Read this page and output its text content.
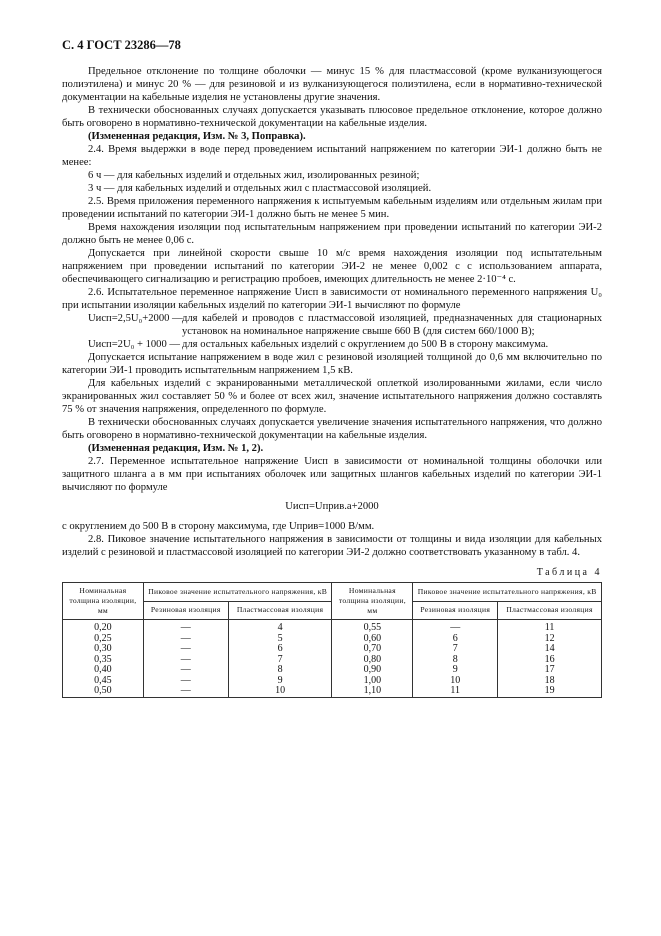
С. 4 ГОСТ 23286—78

Предельное отклонение по толщине оболочки — минус 15 % для пластмассовой (кроме вулканизующегося полиэтилена) и минус 20 % — для резиновой и из вулканизующегося полиэтилена, если в нормативно-технической документации на кабельные изделия не установлены другие значения.

В технически обоснованных случаях допускается указывать плюсовое предельное отклонение, которое должно быть оговорено в нормативно-технической документации на кабельные изделия.

(Измененная редакция, Изм. № 3, Поправка).

2.4. Время выдержки в воде перед проведением испытаний напряжением по категории ЭИ-1 должно быть не менее:

6 ч — для кабельных изделий и отдельных жил, изолированных резиной;

3 ч — для кабельных изделий и отдельных жил с пластмассовой изоляцией.

2.5. Время приложения переменного напряжения к испытуемым кабельным изделиям или отдельным жилам при проведении испытаний по категории ЭИ-1 должно быть не менее 5 мин.

Время нахождения изоляции под испытательным напряжением при проведении испытаний по категории ЭИ-2 должно быть не менее 0,06 с.

Допускается при линейной скорости свыше 10 м/с время нахождения изоляции под испытательным напряжением при проведении испытаний по категории ЭИ-2 не менее 0,002 с с использованием аппарата, обеспечивающего сигнализацию и регистрацию пробоев, имеющих длительность не менее 2·10⁻⁴ с.

2.6. Испытательное переменное напряжение Uисп в зависимости от номинального переменного напряжения U₀ при испытании изоляции кабельных изделий по категории ЭИ-1 вычисляют по формуле

Uисп=2,5U₀+2000 — для кабелей и проводов с пластмассовой изоляцией, предназначенных для стационарных установок на номинальное напряжение свыше 660 В (для систем 660/1000 В);
Uисп=2U₀ + 1000 — для остальных кабельных изделий с округлением до 500 В в сторону максимума.

Допускается испытание напряжением в воде жил с резиновой изоляцией толщиной до 0,6 мм включительно по категории ЭИ-1 проводить испытательным напряжением 1,5 кВ.

Для кабельных изделий с экранированными металлической оплеткой изолированными жилами, если число экранированных жил составляет 50 % и более от всех жил, значение испытательного напряжения должно составлять 75 % от значения напряжения, определенного по формуле.

В технически обоснованных случаях допускается увеличение значения испытательного напряжения, что должно быть оговорено в нормативно-технической документации на кабельные изделия.

(Измененная редакция, Изм. № 1, 2).

2.7. Переменное испытательное напряжение Uисп в зависимости от номинальной толщины оболочки или защитного шланга a в мм при испытаниях оболочек или защитных шлангов кабельных изделий по категории ЭИ-1 вычисляют по формуле

Uисп=Uприв.a+2000

с округлением до 500 В в сторону максимума, где Uприв=1000 В/мм.

2.8. Пиковое значение испытательного напряжения в зависимости от толщины и вида изоляции для кабельных изделий с резиновой и пластмассовой изоляцией по категории ЭИ-2 должно соответствовать указанному в табл. 4.

Таблица 4
Номинальная толщина изоляции, мм	Пиковое значение испытательного напряжения, кВ		Номинальная толщина изоляции, мм	Пиковое значение испытательного напряжения, кВ	
	Резиновая изоляция	Пластмассовая изоляция		Резиновая изоляция	Пластмассовая изоляция
0,20	—	4	0,55	—	11
0,25	—	5	0,60	6	12
0,30	—	6	0,70	7	14
0,35	—	7	0,80	8	16
0,40	—	8	0,90	9	17
0,45	—	9	1,00	10	18
0,50	—	10	1,10	11	19
